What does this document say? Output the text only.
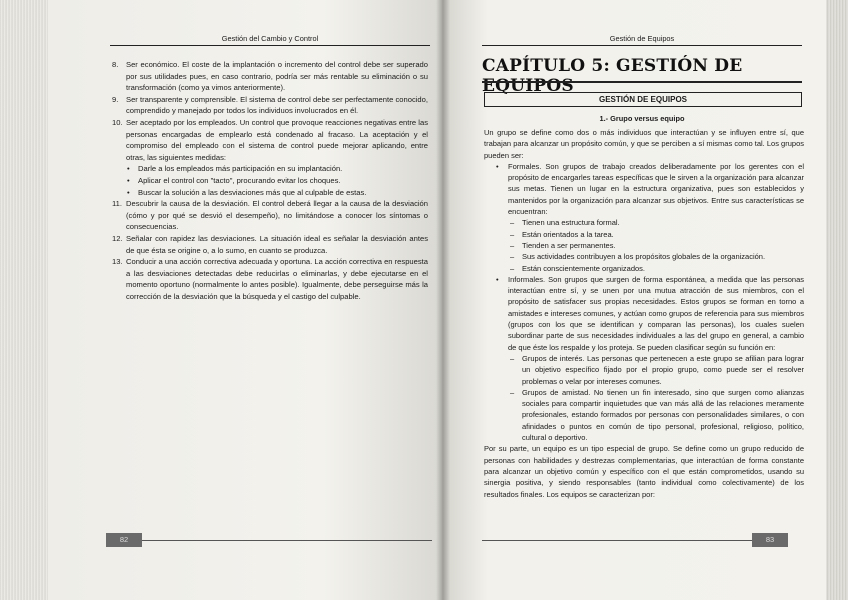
Gestión del Cambio y Control
8. Ser económico. El coste de la implantación o incremento del control debe ser superado por sus utilidades pues, en caso contrario, podría ser más rentable su eliminación o su transformación (como ya vimos anteriormente).
9. Ser transparente y comprensible. El sistema de control debe ser perfectamente conocido, comprendido y manejado por todos los individuos involucrados en él.
10. Ser aceptado por los empleados. Un control que provoque reacciones negativas entre las personas encargadas de emplearlo está condenado al fracaso. La aceptación y el compromiso del empleado con el sistema de control puede mejorar aplicando, entre otras, las siguientes medidas:
• Darle a los empleados más participación en su implantación.
• Aplicar el control con "tacto", procurando evitar los choques.
• Buscar la solución a las desviaciones más que al culpable de estas.
11. Descubrir la causa de la desviación. El control deberá llegar a la causa de la desviación (cómo y por qué se desvió el desempeño), no limitándose a conocer los síntomas o consecuencias.
12. Señalar con rapidez las desviaciones. La situación ideal es señalar la desviación antes de que ésta se origine o, a lo sumo, en cuanto se produzca.
13. Conducir a una acción correctiva adecuada y oportuna. La acción correctiva en respuesta a las desviaciones detectadas debe reducirlas o eliminarlas, y debe ejecutarse en el momento oportuno (normalmente lo antes posible). Igualmente, debe perseguirse más la corrección de la desviación que la búsqueda y el castigo del culpable.
82
Gestión de Equipos
CAPÍTULO 5: GESTIÓN DE EQUIPOS
GESTIÓN DE EQUIPOS
1.- Grupo versus equipo

Un grupo se define como dos o más individuos que interactúan y se influyen entre sí, que trabajan para alcanzar un propósito común, y que se perciben a sí mismas como tal. Los grupos pueden ser:

• Formales. Son grupos de trabajo creados deliberadamente por los gerentes con el propósito de encargarles tareas específicas que le sirven a la organización para alcanzar sus metas. Tienen un lugar en la estructura organizativa, pues son establecidos y mantenidos por la organización para alcanzar sus objetivos. Entre sus características se encuentran:
– Tienen una estructura formal.
– Están orientados a la tarea.
– Tienden a ser permanentes.
– Sus actividades contribuyen a los propósitos globales de la organización.
– Están conscientemente organizados.
• Informales. Son grupos que surgen de forma espontánea, a medida que las personas interactúan entre sí, y se unen por una mutua atracción de sus miembros, con el propósito de satisfacer sus propias necesidades. Estos grupos se forman en torno a amistades e intereses comunes, y actúan como grupos de referencia para sus miembros (grupos con los que se identifican y comparan las personas), los cuales suelen subordinar parte de sus necesidades individuales a las del grupo en general, a cambio de que éste los respalde y los proteja. Se pueden clasificar según su función en:
– Grupos de interés. Las personas que pertenecen a este grupo se afilian para lograr un objetivo específico fijado por el propio grupo, como puede ser el resolver problemas o velar por intereses comunes.
– Grupos de amistad. No tienen un fin interesado, sino que surgen como alianzas sociales para compartir inquietudes que van más allá de las relaciones meramente profesionales, estando formados por personas con personalidades similares, o con afinidades o puntos en común de tipo personal, profesional, religioso, político, cultural o deportivo.

Por su parte, un equipo es un tipo especial de grupo. Se define como un grupo reducido de personas con habilidades y destrezas complementarias, que interactúan de forma constante para alcanzar un objetivo común y específico con el que están comprometidos, usando su sinergia positiva, y siendo responsables (tanto individual como colectivamente) de los resultados finales. Los equipos se caracterizan por:

83
